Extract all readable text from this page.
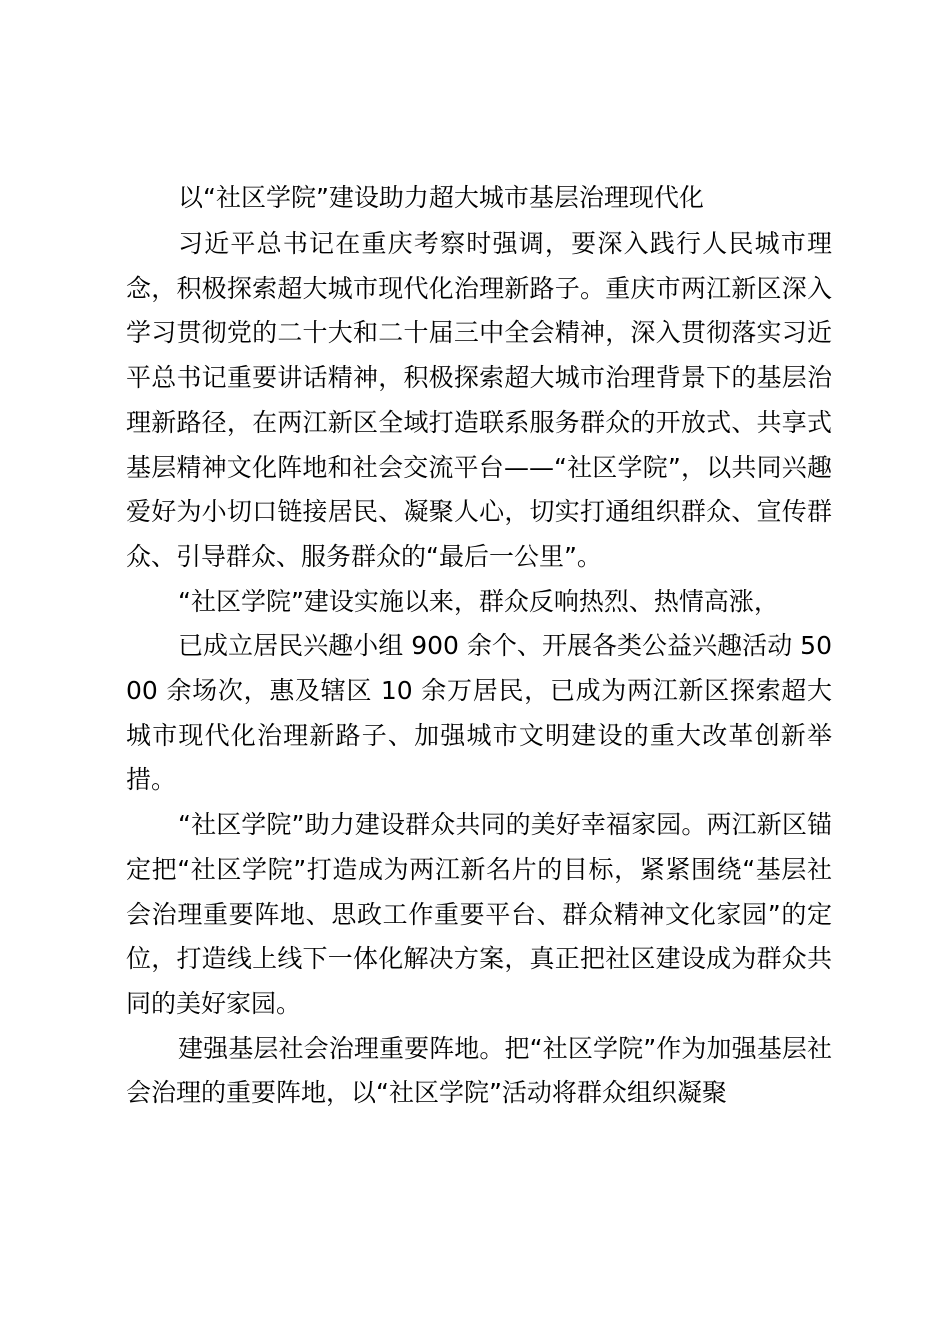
以“社区学院”建设助力超大城市基层治理现代化

习近平总书记在重庆考察时强调，要深入践行人民城市理念，积极探索超大城市现代化治理新路子。重庆市两江新区深入学习贯彻党的二十大和二十届三中全会精神，深入贯彻落实习近平总书记重要讲话精神，积极探索超大城市治理背景下的基层治理新路径，在两江新区全域打造联系服务群众的开放式、共享式基层精神文化阵地和社会交流平台——“社区学院”，以共同兴趣爱好为小切口链接居民、凝聚人心，切实打通组织群众、宣传群众、引导群众、服务群众的“最后一公里”。

“社区学院”建设实施以来，群众反响热烈、热情高涨，

已成立居民兴趣小组 900 余个、开展各类公益兴趣活动 5000 余场次，惠及辖区 10 余万居民，已成为两江新区探索超大城市现代化治理新路子、加强城市文明建设的重大改革创新举措。

“社区学院”助力建设群众共同的美好幸福家园。两江新区锚定把“社区学院”打造成为两江新名片的目标，紧紧围绕“基层社会治理重要阵地、思政工作重要平台、群众精神文化家园”的定位，打造线上线下一体化解决方案，真正把社区建设成为群众共同的美好家园。

建强基层社会治理重要阵地。把“社区学院”作为加强基层社会治理的重要阵地，以“社区学院”活动将群众组织凝聚
